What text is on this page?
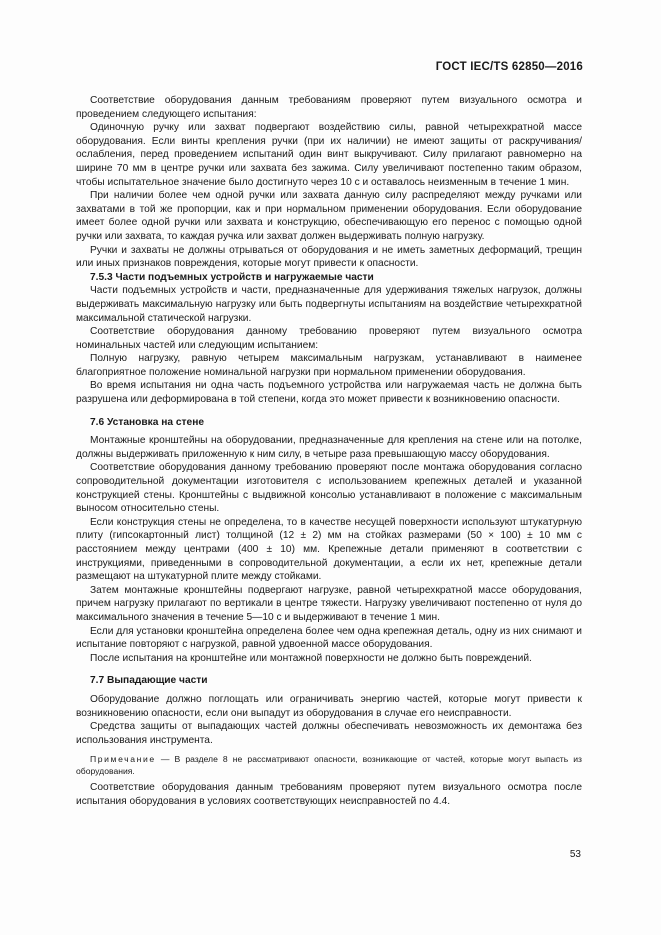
ГОСТ IEC/TS 62850—2016

Соответствие оборудования данным требованиям проверяют путем визуального осмотра и проведением следующего испытания:

Одиночную ручку или захват подвергают воздействию силы, равной четырехкратной массе оборудования. Если винты крепления ручки (при их наличии) не имеют защиты от раскручивания/ослабления, перед проведением испытаний один винт выкручивают. Силу прилагают равномерно на ширине 70 мм в центре ручки или захвата без зажима. Силу увеличивают постепенно таким образом, чтобы испытательное значение было достигнуто через 10 с и оставалось неизменным в течение 1 мин.

При наличии более чем одной ручки или захвата данную силу распределяют между ручками или захватами в той же пропорции, как и при нормальном применении оборудования. Если оборудование имеет более одной ручки или захвата и конструкцию, обеспечивающую его перенос с помощью одной ручки или захвата, то каждая ручка или захват должен выдерживать полную нагрузку.

Ручки и захваты не должны отрываться от оборудования и не иметь заметных деформаций, трещин или иных признаков повреждения, которые могут привести к опасности.

7.5.3 Части подъемных устройств и нагружаемые части

Части подъемных устройств и части, предназначенные для удерживания тяжелых нагрузок, должны выдерживать максимальную нагрузку или быть подвергнуты испытаниям на воздействие четырехкратной максимальной статической нагрузки.

Соответствие оборудования данному требованию проверяют путем визуального осмотра номинальных частей или следующим испытанием:

Полную нагрузку, равную четырем максимальным нагрузкам, устанавливают в наименее благоприятное положение номинальной нагрузки при нормальном применении оборудования.

Во время испытания ни одна часть подъемного устройства или нагружаемая часть не должна быть разрушена или деформирована в той степени, когда это может привести к возникновению опасности.

7.6 Установка на стене

Монтажные кронштейны на оборудовании, предназначенные для крепления на стене или на потолке, должны выдерживать приложенную к ним силу, в четыре раза превышающую массу оборудования.

Соответствие оборудования данному требованию проверяют после монтажа оборудования согласно сопроводительной документации изготовителя с использованием крепежных деталей и указанной конструкцией стены. Кронштейны с выдвижной консолью устанавливают в положение с максимальным выносом относительно стены.

Если конструкция стены не определена, то в качестве несущей поверхности используют штукатурную плиту (гипсокартонный лист) толщиной (12 ± 2) мм на стойках размерами (50 × 100) ± 10 мм с расстоянием между центрами (400 ± 10) мм. Крепежные детали применяют в соответствии с инструкциями, приведенными в сопроводительной документации, а если их нет, крепежные детали размещают на штукатурной плите между стойками.

Затем монтажные кронштейны подвергают нагрузке, равной четырехкратной массе оборудования, причем нагрузку прилагают по вертикали в центре тяжести. Нагрузку увеличивают постепенно от нуля до максимального значения в течение 5—10 с и выдерживают в течение 1 мин.

Если для установки кронштейна определена более чем одна крепежная деталь, одну из них снимают и испытание повторяют с нагрузкой, равной удвоенной массе оборудования.

После испытания на кронштейне или монтажной поверхности не должно быть повреждений.

7.7 Выпадающие части

Оборудование должно поглощать или ограничивать энергию частей, которые могут привести к возникновению опасности, если они выпадут из оборудования в случае его неисправности.

Средства защиты от выпадающих частей должны обеспечивать невозможность их демонтажа без использования инструмента.

Примечание — В разделе 8 не рассматривают опасности, возникающие от частей, которые могут выпасть из оборудования.

Соответствие оборудования данным требованиям проверяют путем визуального осмотра после испытания оборудования в условиях соответствующих неисправностей по 4.4.

53
